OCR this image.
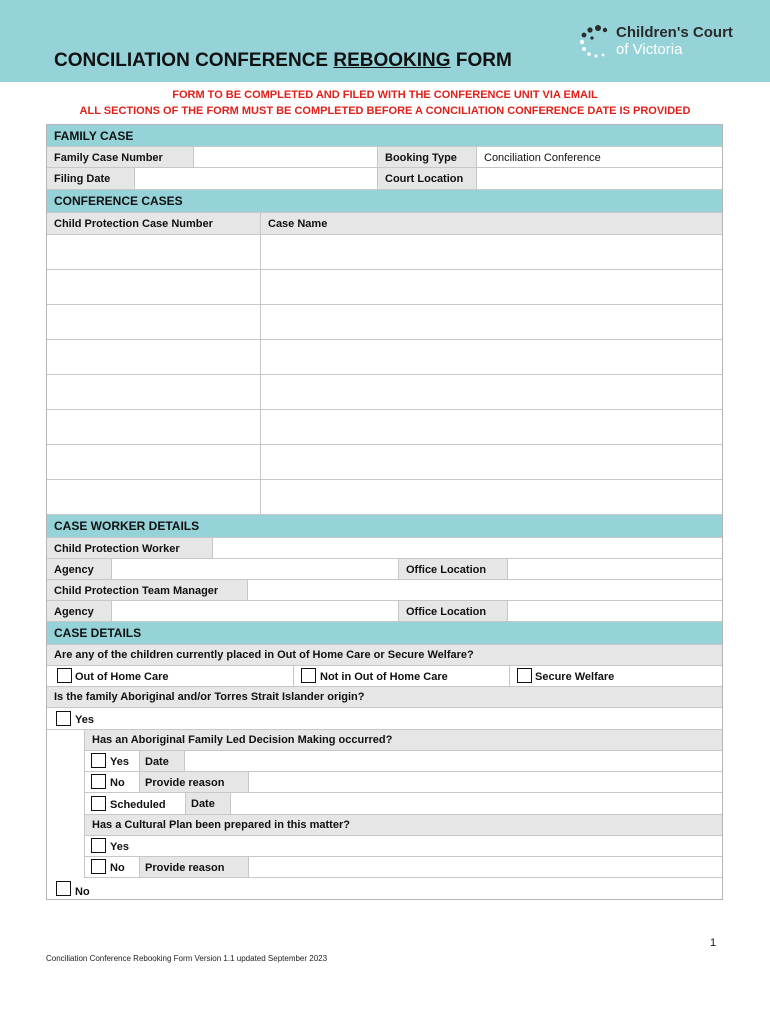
CONCILIATION CONFERENCE REBOOKING FORM
Children's Court
of Victoria
FORM TO BE COMPLETED AND FILED WITH THE CONFERENCE UNIT VIA EMAIL
ALL SECTIONS OF THE FORM MUST BE COMPLETED BEFORE A CONCILIATION CONFERENCE DATE IS PROVIDED
FAMILY CASE
Family Case Number	Booking Type	Conciliation Conference
Filing Date	Court Location
CONFERENCE CASES
Child Protection Case Number	Case Name
CASE WORKER DETAILS
Child Protection Worker
Agency	Office Location
Child Protection Team Manager
Agency	Office Location
CASE DETAILS
Are any of the children currently placed in Out of Home Care or Secure Welfare?
Out of Home Care	Not in Out of Home Care	Secure Welfare
Is the family Aboriginal and/or Torres Strait Islander origin?
Yes
Has an Aboriginal Family Led Decision Making occurred?
Yes	Date
No	Provide reason
Scheduled	Date
Has a Cultural Plan been prepared in this matter?
Yes
No	Provide reason
No
1
Conciliation Conference Rebooking Form Version 1.1 updated September 2023
